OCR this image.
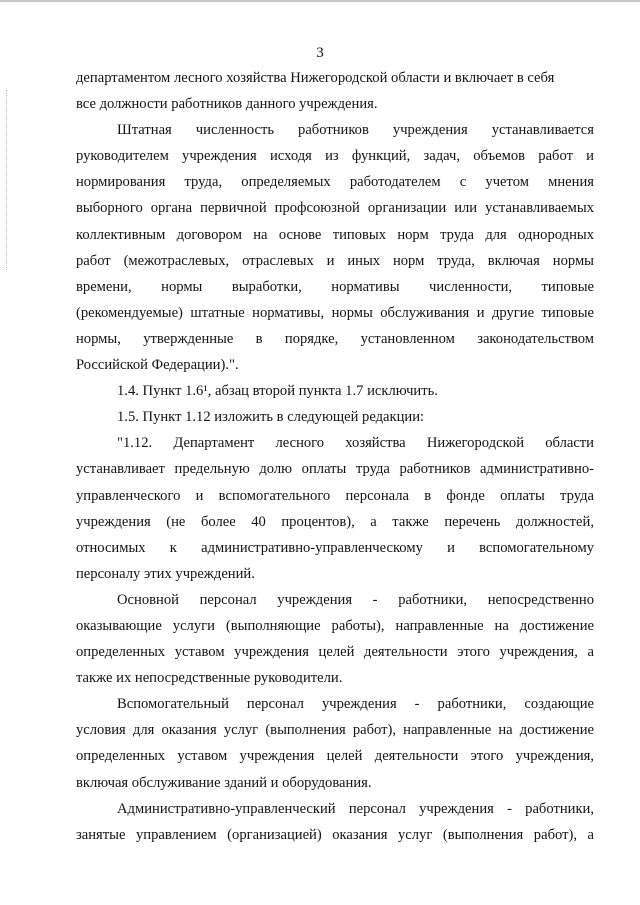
3
департаментом лесного хозяйства Нижегородской области и включает в себя
все должности работников данного учреждения.
Штатная численность работников учреждения устанавливается
руководителем учреждения исходя из функций, задач, объемов работ и
нормирования труда, определяемых работодателем с учетом мнения
выборного органа первичной профсоюзной организации или устанавливаемых
коллективным договором на основе типовых норм труда для однородных
работ (межотраслевых, отраслевых и иных норм труда, включая нормы
времени, нормы выработки, нормативы численности, типовые
(рекомендуемые) штатные нормативы, нормы обслуживания и другие типовые
нормы, утвержденные в порядке, установленном законодательством
Российской Федерации).".
1.4. Пункт 1.6¹, абзац второй пункта 1.7 исключить.
1.5. Пункт 1.12 изложить в следующей редакции:
"1.12. Департамент лесного хозяйства Нижегородской области
устанавливает предельную долю оплаты труда работников административно-
управленческого и вспомогательного персонала в фонде оплаты труда
учреждения (не более 40 процентов), а также перечень должностей,
относимых к административно-управленческому и вспомогательному
персоналу этих учреждений.
Основной персонал учреждения - работники, непосредственно
оказывающие услуги (выполняющие работы), направленные на достижение
определенных уставом учреждения целей деятельности этого учреждения, а
также их непосредственные руководители.
Вспомогательный персонал учреждения - работники, создающие
условия для оказания услуг (выполнения работ), направленные на достижение
определенных уставом учреждения целей деятельности этого учреждения,
включая обслуживание зданий и оборудования.
Административно-управленческий персонал учреждения - работники,
занятые управлением (организацией) оказания услуг (выполнения работ), а
